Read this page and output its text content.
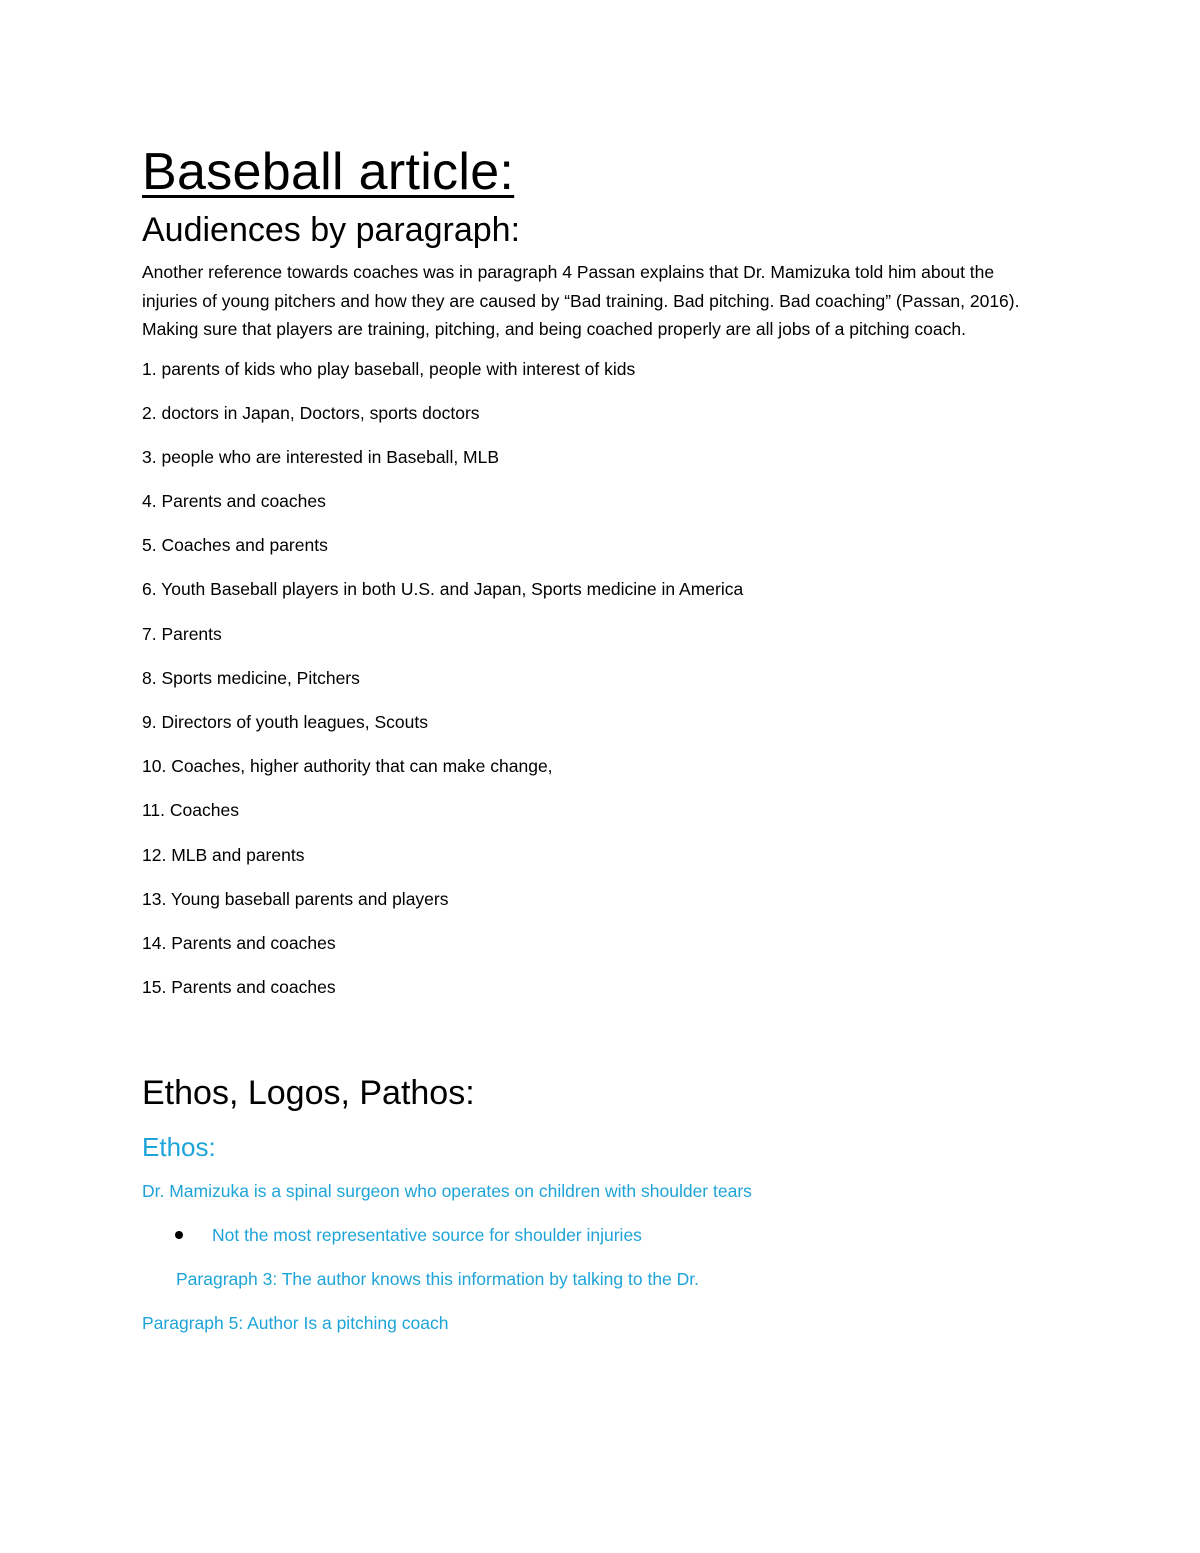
Baseball article:
Audiences by paragraph:

Another reference towards coaches was in paragraph 4 Passan explains that Dr. Mamizuka told him about the injuries of young pitchers and how they are caused by “Bad training. Bad pitching. Bad coaching” (Passan, 2016). Making sure that players are training, pitching, and being coached properly are all jobs of a pitching coach.

1. parents of kids who play baseball, people with interest of kids
2. doctors in Japan, Doctors, sports doctors
3. people who are interested in Baseball, MLB
4. Parents and coaches
5. Coaches and parents
6. Youth Baseball players in both U.S. and Japan, Sports medicine in America
7. Parents
8. Sports medicine, Pitchers
9. Directors of youth leagues, Scouts
10. Coaches, higher authority that can make change,
11. Coaches
12. MLB and parents
13. Young baseball parents and players
14. Parents and coaches
15. Parents and coaches
Ethos, Logos, Pathos:
Ethos:

Dr. Mamizuka is a spinal surgeon who operates on children with shoulder tears

Not the most representative source for shoulder injuries

Paragraph 3: The author knows this information by talking to the Dr.

Paragraph 5: Author Is a pitching coach
